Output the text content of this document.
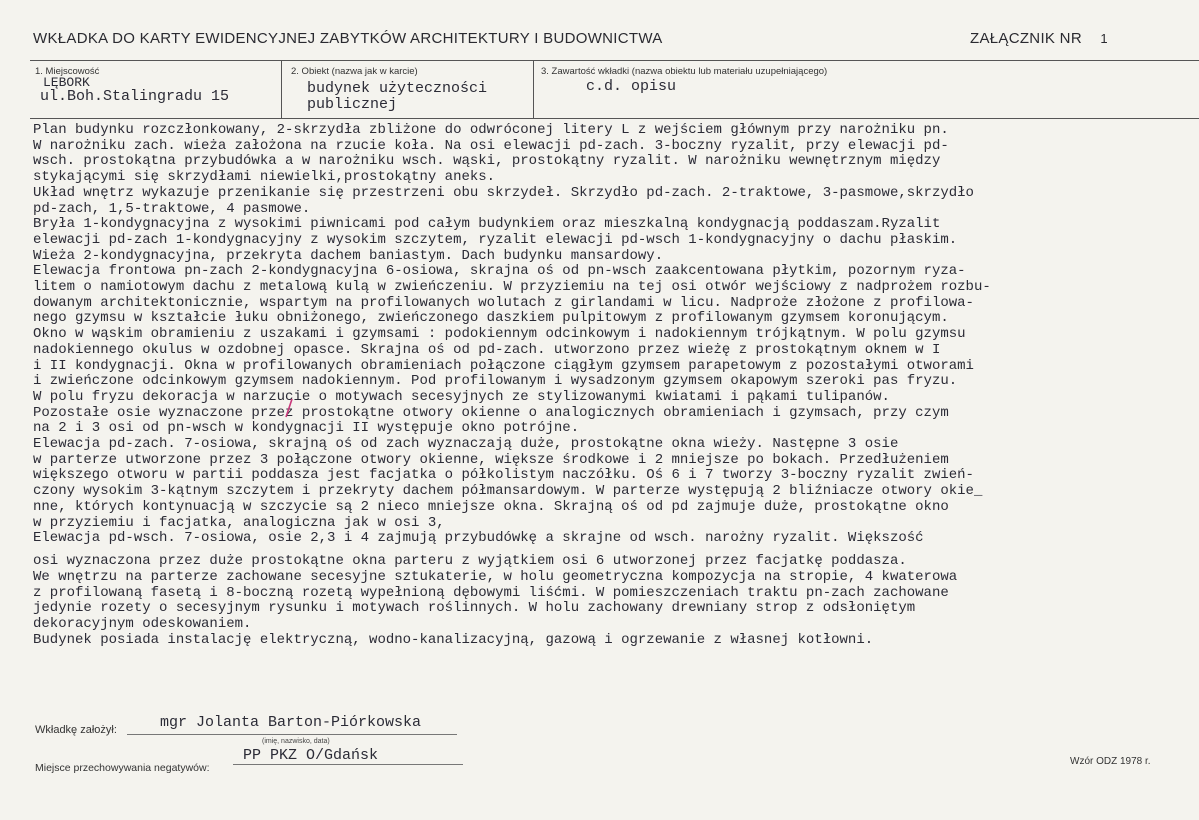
WKŁADKA DO KARTY EWIDENCYJNEJ ZABYTKÓW ARCHITEKTURY I BUDOWNICTWA	ZAŁĄCZNIK NR 1
1. Miejscowość
LĘBORK
ul.Boh.Stalingradu 15
2. Obiekt (nazwa jak w karcie)
budynek użyteczności
publicznej
3. Zawartość wkładki (nazwa obiektu lub materiału uzupełniającego)
c.d. opisu
Plan budynku rozczłonkowany, 2-skrzydła zbliżone do odwróconej litery L z wejściem głównym przy narożniku pn.
W narożniku zach. wieża założona na rzucie koła. Na osi elewacji pd-zach. 3-boczny ryzalit, przy elewacji pd-
wsch. prostokątna przybudówka a w narożniku wsch. wąski, prostokątny ryzalit. W narożniku wewnętrznym między
stykającymi się skrzydłami niewielki,prostokątny aneks.
Układ wnętrz wykazuje przenikanie się przestrzeni obu skrzydeł. Skrzydło pd-zach. 2-traktowe, 3-pasmowe,skrzydło
pd-zach, 1,5-traktowe, 4 pasmowe.
Bryła 1-kondygnacyjna z wysokimi piwnicami pod całym budynkiem oraz mieszkalną kondygnacją poddaszam.Ryzalit
elewacji pd-zach 1-kondygnacyjny z wysokim szczytem, ryzalit elewacji pd-wsch 1-kondygnacyjny o dachu płaskim.
Wieża 2-kondygnacyjna, przekryta dachem baniastym. Dach budynku mansardowy.
Elewacja frontowa pn-zach 2-kondygnacyjna 6-osiowa, skrajna oś od pn-wsch zaakcentowana płytkim, pozornym ryza-
litem o namiotowym dachu z metalową kulą w zwieńczeniu. W przyziemiu na tej osi otwór wejściowy z nadprożem rozbu-
dowanym architektonicznie, wspartym na profilowanych wolutach z girlandami w licu. Nadproże złożone z profilowa-
nego gzymsu w kształcie łuku obniżonego, zwieńczonego daszkiem pulpitowym z profilowanym gzymsem koronującym.
Okno w wąskim obramieniu z uszakami i gzymsami : podokiennym odcinkowym i nadokiennym trójkątnym. W polu gzymsu
nadokiennego okulus w ozdobnej opasce. Skrajna oś od pd-zach. utworzono przez wieżę z prostokątnym oknem w I
i II kondygnacji. Okna w profilowanych obramieniach połączone ciągłym gzymsem parapetowym z pozostałymi otworami
i zwieńczone odcinkowym gzymsem nadokiennym. Pod profilowanym i wysadzonym gzymsem okapowym szeroki pas fryzu.
W polu fryzu dekoracja w narzucie o motywach secesyjnych ze stylizowanymi kwiatami i pąkami tulipanów.
Pozostałe osie wyznaczone przez prostokątne otwory okienne o analogicznych obramieniach i gzymsach, przy czym
na 2 i 3 osi od pn-wsch w kondygnacji II występuje okno potrójne.
Elewacja pd-zach. 7-osiowa, skrajną oś od zach wyznaczają duże, prostokątne okna wieży. Następne 3 osie
w parterze utworzone przez 3 połączone otwory okienne, większe środkowe i 2 mniejsze po bokach. Przedłużeniem
większego otworu w partii poddasza jest facjatka o półkolistym naczółku. Oś 6 i 7 tworzy 3-boczny ryzalit zwień-
czony wysokim 3-kątnym szczytem i przekryty dachem półmansardowym. W parterze występują 2 bliźniacze otwory okie_
nne, których kontynuacją w szczycie są 2 nieco mniejsze okna. Skrajną oś od pd zajmuje duże, prostokątne okno
w przyziemiu i facjatka, analogiczna jak w osi 3,
Elewacja pd-wsch. 7-osiowa, osie 2,3 i 4 zajmują przybudówkę a skrajne od wsch. narożny ryzalit. Większość
osi wyznaczona przez duże prostokątne okna parteru z wyjątkiem osi 6 utworzonej przez facjatkę poddasza.
We wnętrzu na parterze zachowane secesyjne sztukaterie, w holu geometryczna kompozycja na stropie, 4 kwaterowa
z profilowaną fasetą i 8-boczną rozetą wypełnioną dębowymi liśćmi. W pomieszczeniach traktu pn-zach zachowane
jedynie rozety o secesyjnym rysunku i motywach roślinnych. W holu zachowany drewniany strop z odsłoniętym
dekoracyjnym odeskowaniem.
Budynek posiada instalację elektryczną, wodno-kanalizacyjną, gazową i ogrzewanie z własnej kotłowni.
Wkładkę założył:	mgr Jolanta Barton-Piórkowska
(imię, nazwisko, data)
PP PKZ O/Gdańsk
Miejsce przechowywania negatywów:
Wzór ODZ 1978 r.
